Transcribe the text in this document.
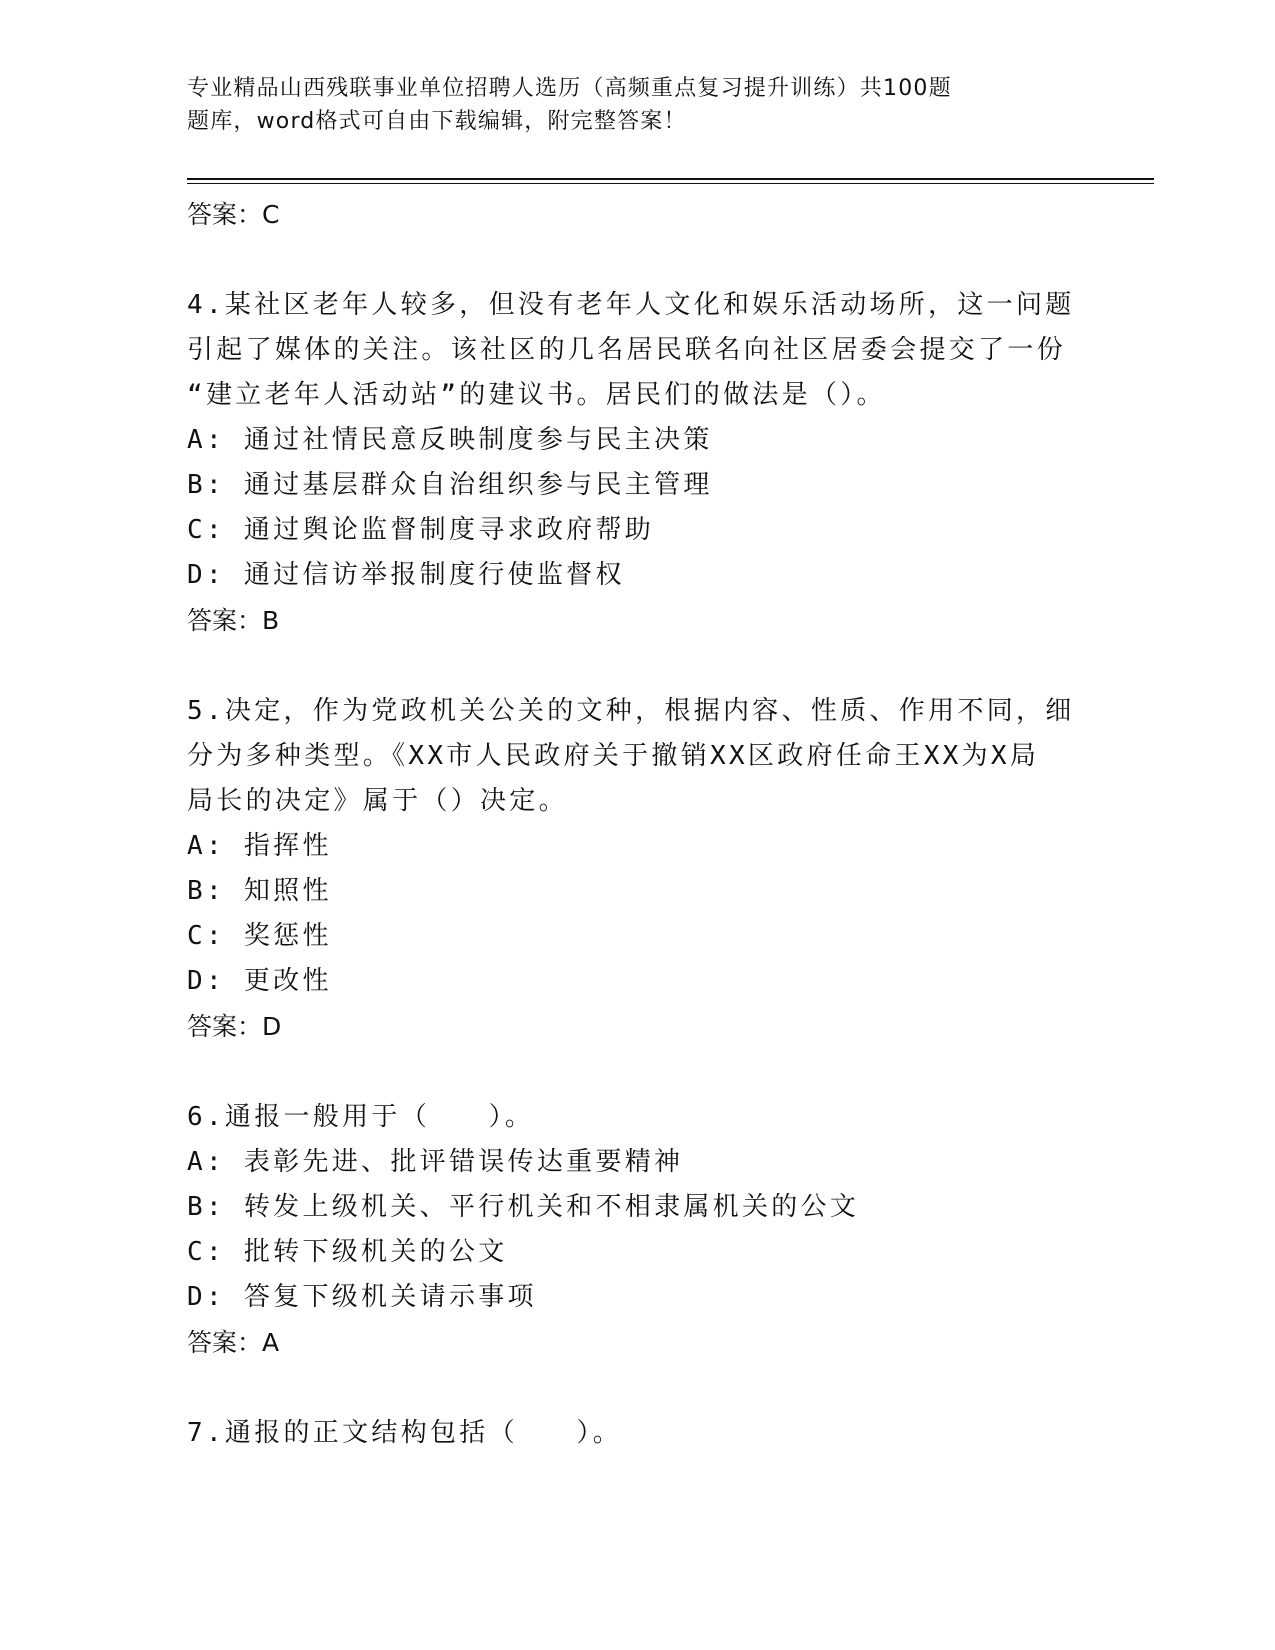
专业精品山西残联事业单位招聘人选历（高频重点复习提升训练）共100题
题库，word格式可自由下载编辑，附完整答案！
答案：C
4.某社区老年人较多，但没有老年人文化和娱乐活动场所，这一问题
引起了媒体的关注。该社区的几名居民联名向社区居委会提交了一份
“建立老年人活动站”的建议书。居民们的做法是（）。
A: 通过社情民意反映制度参与民主决策
B: 通过基层群众自治组织参与民主管理
C: 通过舆论监督制度寻求政府帮助
D: 通过信访举报制度行使监督权
答案：B
5.决定，作为党政机关公关的文种，根据内容、性质、作用不同，细
分为多种类型。《XX市人民政府关于撤销XX区政府任命王XX为X局
局长的决定》属于（）决定。
A: 指挥性
B: 知照性
C: 奖惩性
D: 更改性
答案：D
6.通报一般用于（　　）。
A: 表彰先进、批评错误传达重要精神
B: 转发上级机关、平行机关和不相隶属机关的公文
C: 批转下级机关的公文
D: 答复下级机关请示事项
答案：A
7.通报的正文结构包括（　　）。
